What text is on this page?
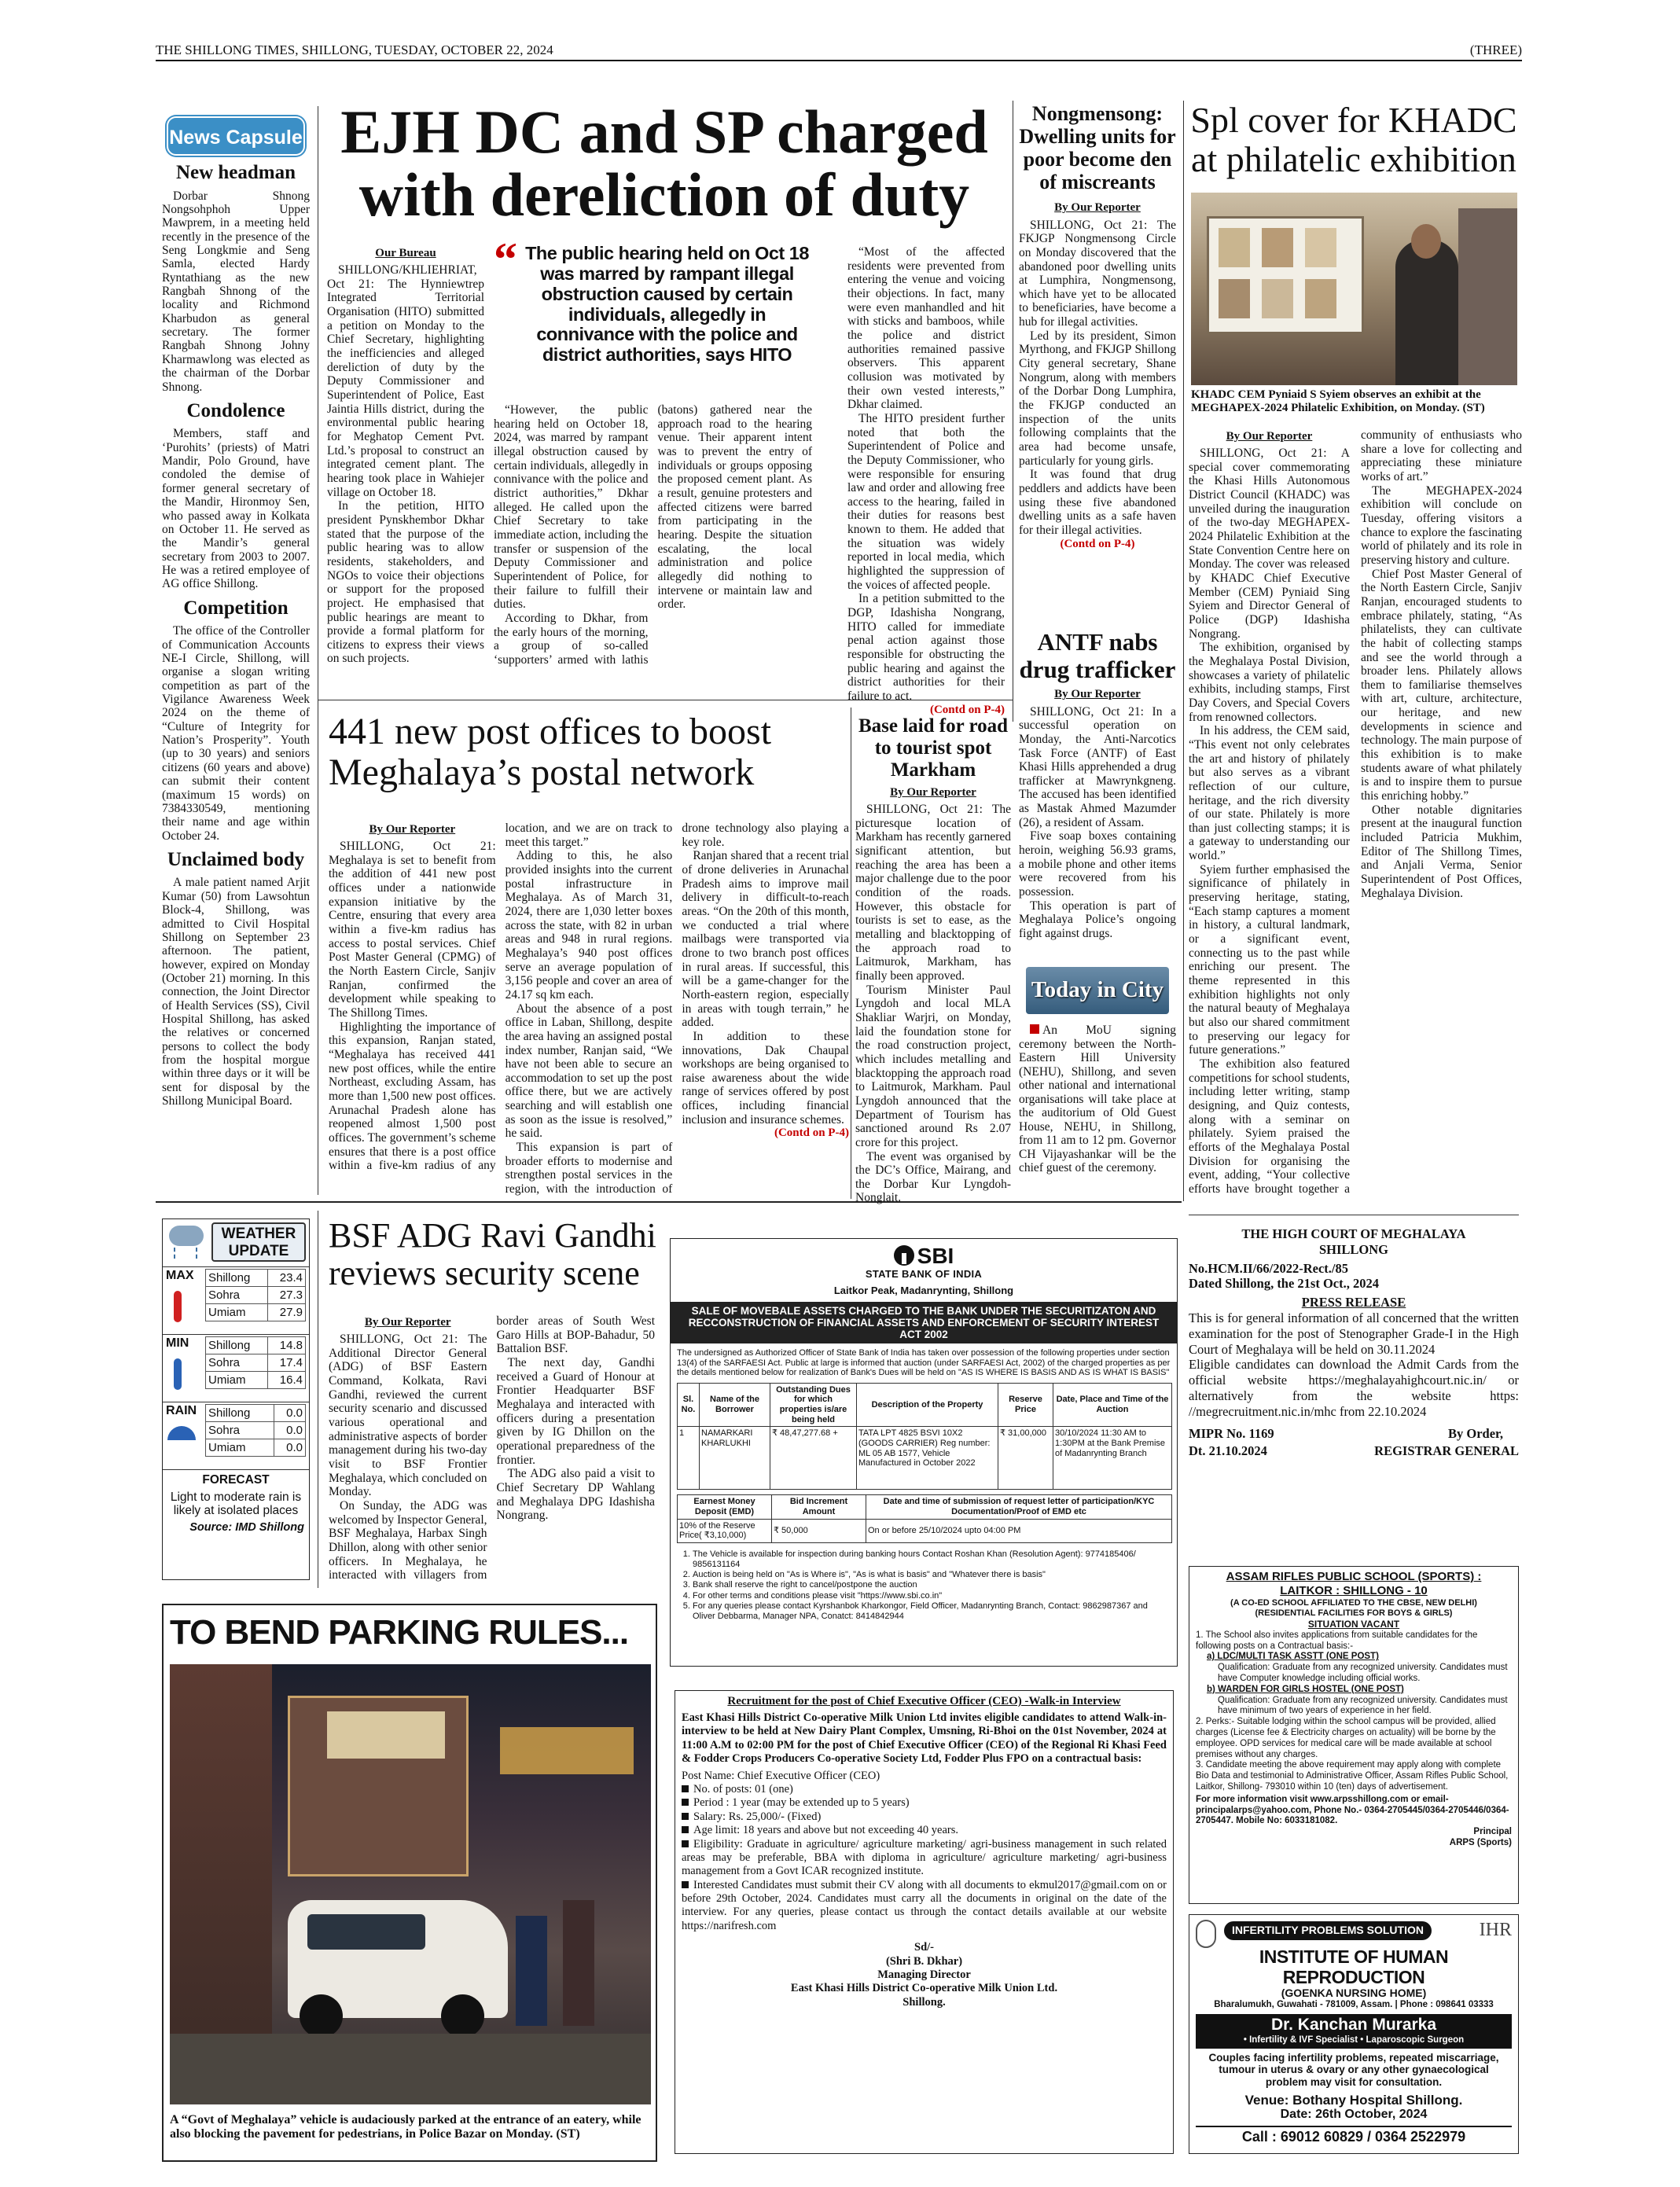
THE SHILLONG TIMES, SHILLONG, TUESDAY, OCTOBER 22, 2024	(THREE)
News Capsule
New headman

Dorbar Shnong Nongsohphoh Upper Mawprem, in a meeting held recently in the presence of the Seng Longkmie and Seng Samla, elected Hardy Ryntathiang as the new Rangbah Shnong of the locality and Richmond Kharbudon as general secretary. The former Rangbah Shnong Johny Kharmawlong was elected as the chairman of the Dorbar Shnong.

Condolence

Members, staff and ‘Purohits’ (priests) of Matri Mandir, Polo Ground, have condoled the demise of former general secretary of the Mandir, Hironmoy Sen, who passed away in Kolkata on October 11. He served as the Mandir’s general secretary from 2003 to 2007. He was a retired employee of AG office Shillong.

Competition

The office of the Controller of Communication Accounts NE-I Circle, Shillong, will organise a slogan writing competition as part of the Vigilance Awareness Week 2024 on the theme of “Culture of Integrity for Nation’s Prosperity”. Youth (up to 30 years) and seniors citizens (60 years and above) can submit their content (maximum 15 words) on 7384330549, mentioning their name and age within October 24.

Unclaimed body

A male patient named Arjit Kumar (50) from Lawsohtun Block-4, Shillong, was admitted to Civil Hospital Shillong on September 23 afternoon. The patient, however, expired on Monday (October 21) morning. In this connection, the Joint Director of Health Services (SS), Civil Hospital Shillong, has asked the relatives or concerned persons to collect the body from the hospital morgue within three days or it will be sent for disposal by the Shillong Municipal Board.

EJH DC and SP charged with dereliction of duty
“ The public hearing held on Oct 18 was marred by rampant illegal obstruction caused by certain individuals, allegedly in connivance with the police and district authorities, says HITO
Our Bureau

SHILLONG/KHLIEHRIAT, Oct 21: The Hynniewtrep Integrated Territorial Organisation (HITO) submitted a petition on Monday to the Chief Secretary, highlighting the inefficiencies and alleged dereliction of duty by the Deputy Commissioner and Superintendent of Police, East Jaintia Hills district, during the environmental public hearing for Meghatop Cement Pvt. Ltd.’s proposal to construct an integrated cement plant. The hearing took place in Wahiejer village on October 18.

In the petition, HITO president Pynskhembor Dkhar stated that the purpose of the public hearing was to allow residents, stakeholders, and NGOs to voice their objections or support for the proposed project. He emphasised that public hearings are meant to provide a formal platform for citizens to express their views on such projects.

“However, the public hearing held on October 18, 2024, was marred by rampant illegal obstruction caused by certain individuals, allegedly in connivance with the police and district authorities,” Dkhar alleged. He called upon the Chief Secretary to take immediate action, including the transfer or suspension of the Deputy Commissioner and Superintendent of Police, for their failure to fulfill their duties.

According to Dkhar, from the early hours of the morning, a group of so-called ‘supporters’ armed with lathis (batons) gathered near the approach road to the hearing venue. Their apparent intent was to prevent the entry of individuals or groups opposing the proposed cement plant. As a result, genuine protesters and affected citizens were barred from participating in the hearing. Despite the situation escalating, the local administration and police allegedly did nothing to intervene or maintain law and order.

“Most of the affected residents were prevented from entering the venue and voicing their objections. In fact, many were even manhandled and hit with sticks and bamboos, while the police and district authorities remained passive observers. This apparent collusion was motivated by their own vested interests,” Dkhar claimed.

The HITO president further noted that both the Superintendent of Police and the Deputy Commissioner, who were responsible for ensuring law and order and allowing free access to the hearing, failed in their duties for reasons best known to them. He added that the situation was widely reported in local media, which highlighted the suppression of the voices of affected people.

In a petition submitted to the DGP, Idashisha Nongrang, HITO called for immediate penal action against those responsible for obstructing the public hearing and against the district authorities for their failure to act.

(Contd on P-4)
Nongmensong: Dwelling units for poor become den of miscreants
By Our Reporter

SHILLONG, Oct 21: The FKJGP Nongmensong Circle on Monday discovered that the abandoned poor dwelling units at Lumphira, Nongmensong, which have yet to be allocated to beneficiaries, have become a hub for illegal activities.

Led by its president, Simon Myrthong, and FKJGP Shillong City general secretary, Shane Nongrum, along with members of the Dorbar Dong Lumphira, the FKJGP conducted an inspection of the units following complaints that the area had become unsafe, particularly for young girls.

It was found that drug peddlers and addicts have been using these five abandoned dwelling units as a safe haven for their illegal activities.

(Contd on P-4)
ANTF nabs drug trafficker
By Our Reporter

SHILLONG, Oct 21: In a successful operation on Monday, the Anti-Narcotics Task Force (ANTF) of East Khasi Hills apprehended a drug trafficker at Mawrynkgneng. The accused has been identified as Mastak Ahmed Mazumder (26), a resident of Assam.

Five soap boxes containing heroin, weighing 56.93 grams, a mobile phone and other items were recovered from his possession.

This operation is part of Meghalaya Police’s ongoing fight against drugs.

Today in City
An MoU signing ceremony between the North-Eastern Hill University (NEHU), Shillong, and seven other national and international organisations will take place at the auditorium of Old Guest House, NEHU, in Shillong, from 11 am to 12 pm. Governor CH Vijayashankar will be the chief guest of the ceremony.
Spl cover for KHADC at philatelic exhibition
KHADC CEM Pyniaid S Syiem observes an exhibit at the MEGHAPEX-2024 Philatelic Exhibition, on Monday. (ST)
By Our Reporter

SHILLONG, Oct 21: A special cover commemorating the Khasi Hills Autonomous District Council (KHADC) was unveiled during the inauguration of the two-day MEGHAPEX-2024 Philatelic Exhibition at the State Convention Centre here on Monday. The cover was released by KHADC Chief Executive Member (CEM) Pyniaid Sing Syiem and Director General of Police (DGP) Idashisha Nongrang.

The exhibition, organised by the Meghalaya Postal Division, showcases a variety of philatelic exhibits, including stamps, First Day Covers, and Special Covers from renowned collectors.

In his address, the CEM said, “This event not only celebrates the art and history of philately but also serves as a vibrant reflection of our culture, heritage, and the rich diversity of our state. Philately is more than just collecting stamps; it is a gateway to understanding our world.”

Syiem further emphasised the significance of philately in preserving heritage, stating, “Each stamp captures a moment in history, a cultural landmark, or a significant event, connecting us to the past while enriching our present. The theme represented in this exhibition highlights not only the natural beauty of Meghalaya but also our shared commitment to preserving our legacy for future generations.”

The exhibition also featured competitions for school students, including letter writing, stamp designing, and Quiz contests, along with a seminar on philately. Syiem praised the efforts of the Meghalaya Postal Division for organising the event, adding, “Your collective efforts have brought together a community of enthusiasts who share a love for collecting and appreciating these miniature works of art.”

The MEGHAPEX-2024 exhibition will conclude on Tuesday, offering visitors a chance to explore the fascinating world of philately and its role in preserving history and culture.

Chief Post Master General of the North Eastern Circle, Sanjiv Ranjan, encouraged students to embrace philately, stating, “As philatelists, they can cultivate the habit of collecting stamps and see the world through a broader lens. Philately allows them to familiarise themselves with art, culture, architecture, our heritage, and new developments in science and technology. The main purpose of this exhibition is to make students aware of what philately is and to inspire them to pursue this enriching hobby.”

Other notable dignitaries present at the inaugural function included Patricia Mukhim, Editor of The Shillong Times, and Anjali Verma, Senior Superintendent of Post Offices, Meghalaya Division.

441 new post offices to boost Meghalaya’s postal network
By Our Reporter

SHILLONG, Oct 21: Meghalaya is set to benefit from the addition of 441 new post offices under a nationwide expansion initiative by the Centre, ensuring that every area within a five-km radius has access to postal services. Chief Post Master General (CPMG) of the North Eastern Circle, Sanjiv Ranjan, confirmed the development while speaking to The Shillong Times.

Highlighting the importance of this expansion, Ranjan stated, “Meghalaya has received 441 new post offices, while the entire Northeast, excluding Assam, has more than 1,500 new post offices. Arunachal Pradesh alone has reopened almost 1,500 post offices. The government’s scheme ensures that there is a post office within a five-km radius of any location, and we are on track to meet this target.”

Adding to this, he also provided insights into the current postal infrastructure in Meghalaya. As of March 31, 2024, there are 1,030 letter boxes across the state, with 82 in urban areas and 948 in rural regions. Meghalaya’s 940 post offices serve an average population of 3,156 people and cover an area of 24.17 sq km each.

About the absence of a post office in Laban, Shillong, despite the area having an assigned postal index number, Ranjan said, “We have not been able to secure an accommodation to set up the post office there, but we are actively searching and will establish one as soon as the issue is resolved,” he said.

This expansion is part of broader efforts to modernise and strengthen postal services in the region, with the introduction of drone technology also playing a key role.

Ranjan shared that a recent trial of drone deliveries in Arunachal Pradesh aims to improve mail delivery in difficult-to-reach areas. “On the 20th of this month, we conducted a trial where mailbags were transported via drone to two branch post offices in rural areas. If successful, this will be a game-changer for the North-eastern region, especially in areas with tough terrain,” he added.

In addition to these innovations, Dak Chaupal workshops are being organised to raise awareness about the wide range of services offered by post offices, including financial inclusion and insurance schemes.

(Contd on P-4)
Base laid for road to tourist spot Markham
By Our Reporter

SHILLONG, Oct 21: The picturesque location of Markham has recently garnered significant attention, but reaching the area has been a major challenge due to the poor condition of the roads. However, this obstacle for tourists is set to ease, as the metalling and blacktopping of the approach road to Laitmurok, Markham, has finally been approved.

Tourism Minister Paul Lyngdoh and local MLA Shakliar Warjri, on Monday, laid the foundation stone for the road construction project, which includes metalling and blacktopping the approach road to Laitmurok, Markham. Paul Lyngdoh announced that the Department of Tourism has sanctioned around Rs 2.07 crore for this project.

The event was organised by the DC’s Office, Mairang, and the Dorbar Kur Lyngdoh-Nonglait.

WEATHER UPDATE
MAX Shillong	23.4
Sohra	27.3
Umiam	27.9
MIN Shillong	14.8
Sohra	17.4
Umiam	16.4
RAIN Shillong	0.0
Sohra	0.0
Umiam	0.0
FORECAST
Light to moderate rain is likely at isolated places
Source: IMD Shillong
BSF ADG Ravi Gandhi reviews security scene
By Our Reporter

SHILLONG, Oct 21: The Additional Director General (ADG) of BSF Eastern Command, Kolkata, Ravi Gandhi, reviewed the current security scenario and discussed various operational and administrative aspects of border management during his two-day visit to BSF Frontier Meghalaya, which concluded on Monday.

On Sunday, the ADG was welcomed by Inspector General, BSF Meghalaya, Harbax Singh Dhillon, along with other senior officers. In Meghalaya, he interacted with villagers from border areas of South West Garo Hills at BOP-Bahadur, 50 Battalion BSF.

The next day, Gandhi received a Guard of Honour at Frontier Headquarter BSF Meghalaya and interacted with officers during a presentation given by IG Dhillon on the operational preparedness of the frontier.

The ADG also paid a visit to Chief Secretary DP Wahlang and Meghalaya DPG Idashisha Nongrang.

TO BEND PARKING RULES...
A “Govt of Meghalaya” vehicle is audaciously parked at the entrance of an eatery, while also blocking the pavement for pedestrians, in Police Bazar on Monday. (ST)
SBI
STATE BANK OF INDIA
Laitkor Peak, Madanrynting, Shillong
SALE OF MOVEBALE ASSETS CHARGED TO THE BANK UNDER THE SECURITIZATON AND RECCONSTRUCTION OF FINANCIAL ASSETS AND ENFORCEMENT OF SECURITY INTEREST ACT 2002
The undersigned as Authorized Officer of State Bank of India has taken over possession of the following properties under section 13(4) of the SARFAESI Act. Public at large is informed that auction (under SARFAESI Act, 2002) of the charged properties as per the details mentioned below for realization of Bank's Dues will be held on "AS IS WHERE IS BASIS AND AS IS WHAT IS BASIS"
Sl. No.	Name of the Borrower	Outstanding Dues for which properties is/are being held	Description of the Property	Reserve Price	Date, Place and Time of the Auction
1	NAMARKARI KHARLUKHI	₹ 48,47,277.68 +	TATA LPT 4825 BSVI 10X2 (GOODS CARRIER) Reg number: ML 05 AB 1577, Vehicle Manufactured in October 2022	₹ 31,00,000	30/10/2024 11:30 AM to 1:30PM at the Bank Premise of Madanrynting Branch
Earnest Money Deposit (EMD)	Bid Increment Amount	Date and time of submission of request letter of participation/KYC Documentation/Proof of EMD etc
10% of the Reserve Price( ₹3,10,000)	₹ 50,000	On or before 25/10/2024 upto 04:00 PM
1. The Vehicle is available for inspection during banking hours Contact Roshan Khan (Resolution Agent): 9774185406/ 9856131164
2. Auction is being held on "As is Where is", "As is what is basis" and "Whatever there is basis"
3. Bank shall reserve the right to cancel/postpone the auction
4. For other terms and conditions please visit "https://www.sbi.co.in"
5. For any queries please contact Kyrshanbok Kharkongor, Field Officer, Madanrynting Branch, Contact: 9862987367 and Oliver Debbarma, Manager NPA, Conatct: 8414842944
Recruitment for the post of Chief Executive Officer (CEO) -Walk-in Interview
East Khasi Hills District Co-operative Milk Union Ltd invites eligible candidates to attend Walk-in-interview to be held at New Dairy Plant Complex, Umsning, Ri-Bhoi on the 01st November, 2024 at 11:00 A.M to 02:00 PM for the post of Chief Executive Officer (CEO) of the Regional Ri Khasi Feed & Fodder Crops Producers Co-operative Society Ltd, Fodder Plus FPO on a contractual basis:
Post Name: Chief Executive Officer (CEO)
No. of posts: 01 (one)
Period : 1 year (may be extended up to 5 years)
Salary: Rs. 25,000/- (Fixed)
Age limit: 18 years and above but not exceeding 40 years.
Eligibility: Graduate in agriculture/ agriculture marketing/ agri-business management in such related areas may be preferable, BBA with diploma in agriculture/ agriculture marketing/ agri-business management from a Govt ICAR recognized institute.
Interested Candidates must submit their CV along with all documents to ekmul2017@gmail.com on or before 29th October, 2024. Candidates must carry all the documents in original on the date of the interview. For any queries, please contact us through the contact details available at our website https://narifresh.com
Sd/-
(Shri B. Dkhar)
Managing Director
East Khasi Hills District Co-operative Milk Union Ltd.
Shillong.
THE HIGH COURT OF MEGHALAYA
SHILLONG
No.HCM.II/66/2022-Rect./85
Dated Shillong, the 21st Oct., 2024
PRESS RELEASE
This is for general information of all concerned that the written examination for the post of Stenographer Grade-I in the High Court of Meghalaya will be held on 30.11.2024
Eligible candidates can download the Admit Cards from the official website https://meghalayahighcourt.nic.in/ or alternatively from the website https: //megrecruitment.nic.in/mhc from 22.10.2024
MIPR No. 1169
Dt. 21.10.2024
By Order,
REGISTRAR GENERAL
ASSAM RIFLES PUBLIC SCHOOL (SPORTS) :
LAITKOR : SHILLONG - 10
(A CO-ED SCHOOL AFFILIATED TO THE CBSE, NEW DELHI)
(RESIDENTIAL FACILITIES FOR BOYS & GIRLS)
SITUATION VACANT
1. The School also invites applications from suitable candidates for the following posts on a Contractual basis:-
a) LDC/MULTI TASK ASSTT (ONE POST)
Qualification: Graduate from any recognized university. Candidates must have Computer knowledge including official works.
b) WARDEN FOR GIRLS HOSTEL (ONE POST)
Qualification: Graduate from any recognized university. Candidates must have minimum of two years of experience in her field.
2. Perks:- Suitable lodging within the school campus will be provided, allied charges (License fee & Electricity charges on actuality) will be borne by the employee. OPD services for medical care will be made available at school premises without any charges.
3. Candidate meeting the above requirement may apply along with complete Bio Data and testimonial to Administrative Officer, Assam Rifles Public School, Laitkor, Shillong- 793010 within 10 (ten) days of advertisement.
For more information visit www.arpsshillong.com or email-principalarps@yahoo.com, Phone No.- 0364-2705445/0364-2705446/0364-2705447. Mobile No: 6033181082.
Principal
ARPS (Sports)
INFERTILITY PROBLEMS SOLUTION	IHR
INSTITUTE OF HUMAN REPRODUCTION
(GOENKA NURSING HOME)
Bharalumukh, Guwahati - 781009, Assam. | Phone : 098641 03333
Dr. Kanchan Murarka
• Infertility & IVF Specialist • Laparoscopic Surgeon
Couples facing infertility problems, repeated miscarriage, tumour in uterus & ovary or any other gynaecological problem may visit for consultation.
Venue: Bothany Hospital Shillong.
Date: 26th October, 2024
Call : 69012 60829 / 0364 2522979
